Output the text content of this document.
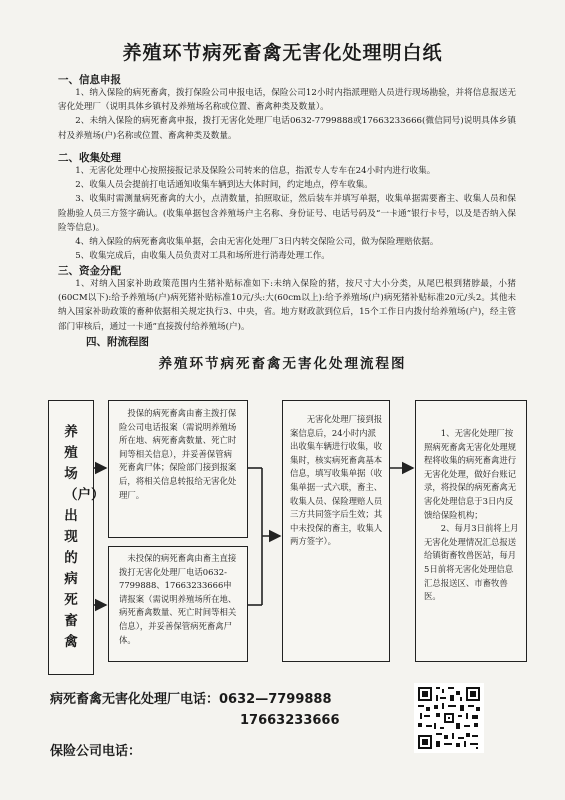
养殖环节病死畜禽无害化处理明白纸
一、信息申报

1、纳入保险的病死畜禽，拨打保险公司申报电话，保险公司12小时内指派理赔人员进行现场勘验，并将信息报送无害化处理厂（说明具体乡镇村及养殖场名称或位置、畜禽种类及数量）。

2、未纳入保险的病死畜禽申报，拨打无害化处理厂电话0632-7799888或17663233666(微信同号)说明具体乡镇村及养殖场(户)名称或位置、畜禽种类及数量。

二、收集处理

1、无害化处理中心按照接报记录及保险公司转来的信息，指派专人专车在24小时内进行收集。

2、收集人员会提前打电话通知收集车辆到达大体时间，约定地点，停车收集。

3、收集时需测量病死畜禽的大小，点清数量，拍照取证，然后装车并填写单据，收集单据需要畜主、收集人员和保险勘验人员三方签字确认。(收集单据包含养殖场户主名称、身份证号、电话号码及“一卡通”银行卡号，以及是否纳入保险等信息)。

4、纳入保险的病死畜禽收集单据，会由无害化处理厂3日内转交保险公司，做为保险理赔依据。

5、收集完成后，由收集人员负责对工具和场所进行消毒处理工作。

三、资金分配

1、对纳入国家补助政策范围内生猪补贴标准如下:未纳入保险的猪，按尺寸大小分类，从尾巴根到猪脖最，小猪(60CM以下):给予养殖场(户)病死猪补贴标准10元/头:大(60cm以上):给予养殖场(户)病死猪补贴标准20元/头2。其他未纳入国家补助政策的畜种依据相关规定执行3、中央，省。地方财政款到位后，15个工作日内拨付给养殖场(户)，经主管部门审核后，通过一卡通”直接拨付给养殖场(户)。

四、附流程图
养殖环节病死畜禽无害化处理流程图
养殖场（户）出现的病死畜禽

投保的病死畜禽由畜主拨打保险公司电话报案（需说明养殖场所在地、病死畜禽数量、死亡时间等相关信息），并妥善保管病死畜禽尸体；保险部门接到报案后，将相关信息转报给无害化处理厂。

未投保的病死畜禽由畜主直接拨打无害化处理厂电话0632-7799888、17663233666申请报案（需说明养殖场所在地、病死畜禽数量、死亡时间等相关信息），并妥善保管病死畜禽尸体。

无害化处理厂接到报案信息后，24小时内派出收集车辆进行收集，收集时，核实病死畜禽基本信息，填写收集单据（收集单据一式六联，畜主、收集人员、保险理赔人员三方共同签字后生效；其中未投保的畜主，收集人两方签字）。

1、无害化处理厂按照病死畜禽无害化处理规程将收集的病死畜禽进行无害化处理，做好台账记录，将投保的病死畜禽无害化处理信息于3日内反馈给保险机构；

2、每月3日前将上月无害化处理情况汇总报送给镇街畜牧兽医站，每月5日前将无害化处理信息汇总报送区、市畜牧兽医。

病死畜禽无害化处理厂电话：0632—7799888
17663233666
保险公司电话：
